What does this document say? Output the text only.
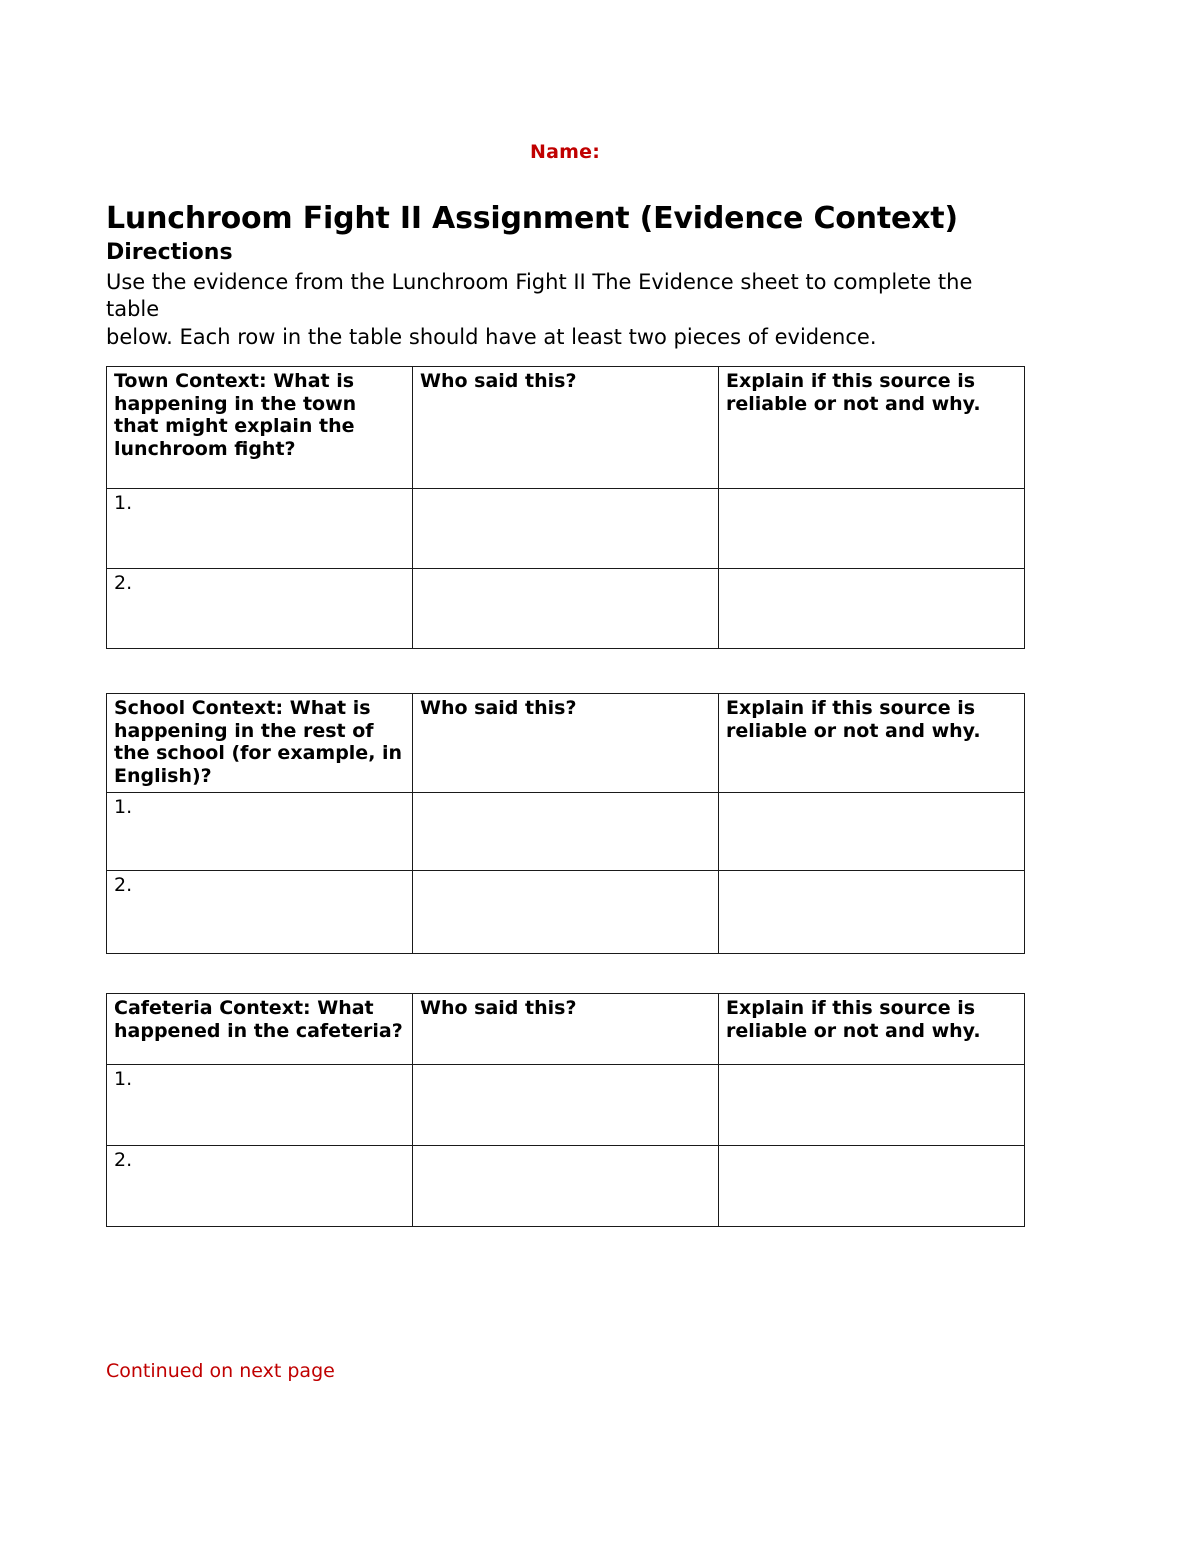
Name:
Lunchroom Fight II Assignment (Evidence Context)
Directions
Use the evidence from the Lunchroom Fight II The Evidence sheet to complete the
table
below. Each row in the table should have at least two pieces of evidence.
Town Context: What is happening in the town that might explain the lunchroom fight?	Who said this?	Explain if this source is reliable or not and why.
1.		
2.		
School Context: What is happening in the rest of the school (for example, in English)?	Who said this?	Explain if this source is reliable or not and why.
1.		
2.		
Cafeteria Context: What happened in the cafeteria?	Who said this?	Explain if this source is reliable or not and why.
1.		
2.		
Continued on next page
